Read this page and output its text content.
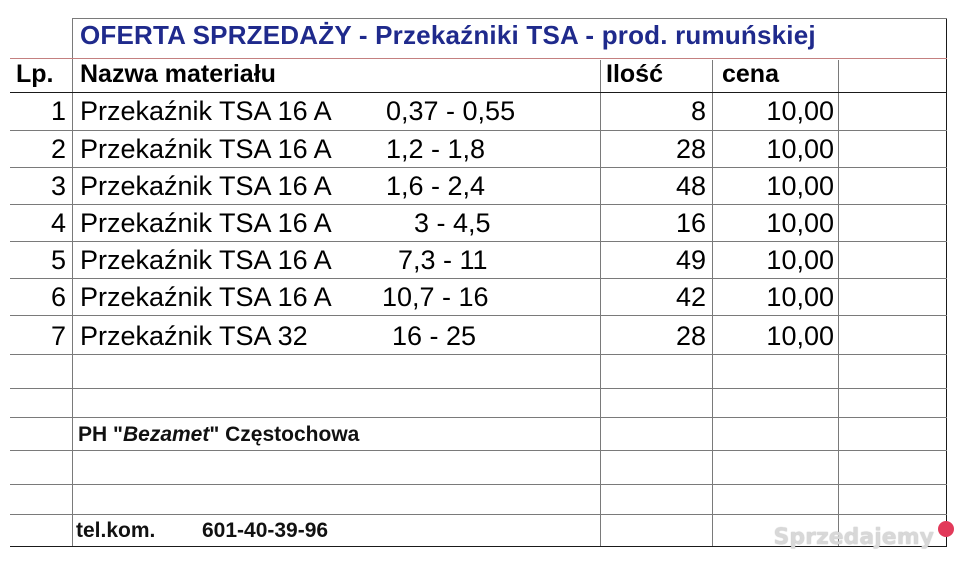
OFERTA SPRZEDAŻY - Przekaźniki TSA - prod. rumuńskiej
Lp. Nazwa materiału	Ilość cena
1 Przekaźnik TSA 16 A 0,37 - 0,55	8	10,00
2 Przekaźnik TSA 16 A 1,2 - 1,8	28	10,00
3 Przekaźnik TSA 16 A 1,6 - 2,4	48	10,00
4 Przekaźnik TSA 16 A	3 - 4,5	16	10,00
5 Przekaźnik TSA 16 A 7,3 - 11	49	10,00
6 Przekaźnik TSA 16 A 10,7 - 16	42	10,00
7 Przekaźnik TSA 32	16 - 25	28	10,00
PH "Bezamet" Częstochowa
tel.kom. 601-40-39-96	Sprzedajemy
